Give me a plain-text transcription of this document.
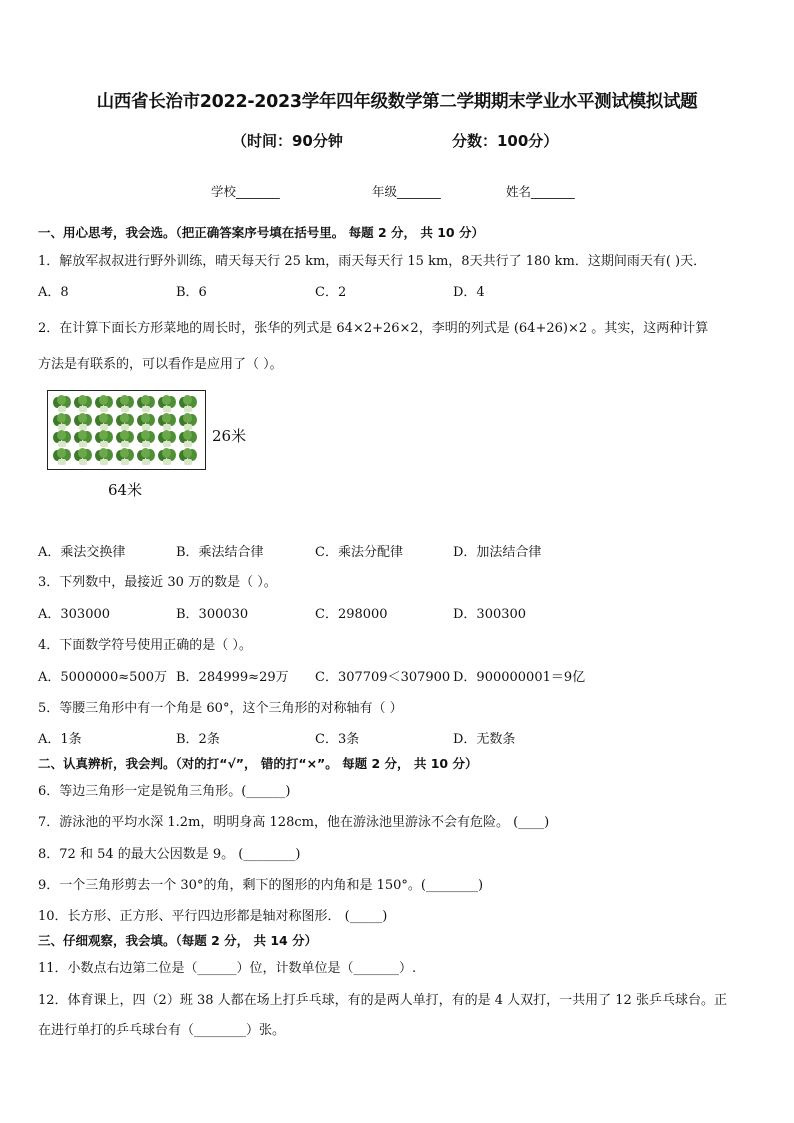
山西省长治市2022-2023学年四年级数学第二学期期末学业水平测试模拟试题
（时间：90分钟	分数：100分）
学校_______	年级_______	姓名_______
一、用心思考，我会选。（把正确答案序号填在括号里。 每题 2 分， 共 10 分）
1．解放军叔叔进行野外训练，晴天每天行 25 km，雨天每天行 15 km，8天共行了 180 km．这期间雨天有( )天．
A．8	B．6	C．2	D．4
2．在计算下面长方形菜地的周长时，张华的列式是 64×2+26×2，李明的列式是 (64+26)×2 。其实，这两种计算
方法是有联系的，可以看作是应用了（ ）。
26米
64米
A．乘法交换律	B．乘法结合律	C．乘法分配律	D．加法结合律
3．下列数中，最接近 30 万的数是（ ）。
A．303000	B．300030	C．298000	D．300300
4．下面数学符号使用正确的是（ ）。
A．5000000≈500万 B．284999≈29万 C．307709＜307900 D．900000001＝9亿
5．等腰三角形中有一个角是 60°，这个三角形的对称轴有（ ）
A．1条	B．2条	C．3条	D．无数条
二、认真辨析，我会判。（对的打“√”， 错的打“×”。 每题 2 分， 共 10 分）
6．等边三角形一定是锐角三角形。(______)
7．游泳池的平均水深 1.2m，明明身高 128cm，他在游泳池里游泳不会有危险。 (____)
8．72 和 54 的最大公因数是 9。 (________)
9．一个三角形剪去一个 30°的角，剩下的图形的内角和是 150°。(________)
10．长方形、正方形、平行四边形都是轴对称图形． (_____)
三、仔细观察，我会填。（每题 2 分， 共 14 分）
11．小数点右边第二位是（______）位，计数单位是（_______）.
12．体育课上，四（2）班 38 人都在场上打乒乓球，有的是两人单打，有的是 4 人双打，一共用了 12 张乒乓球台。正
在进行单打的乒乓球台有（________）张。
